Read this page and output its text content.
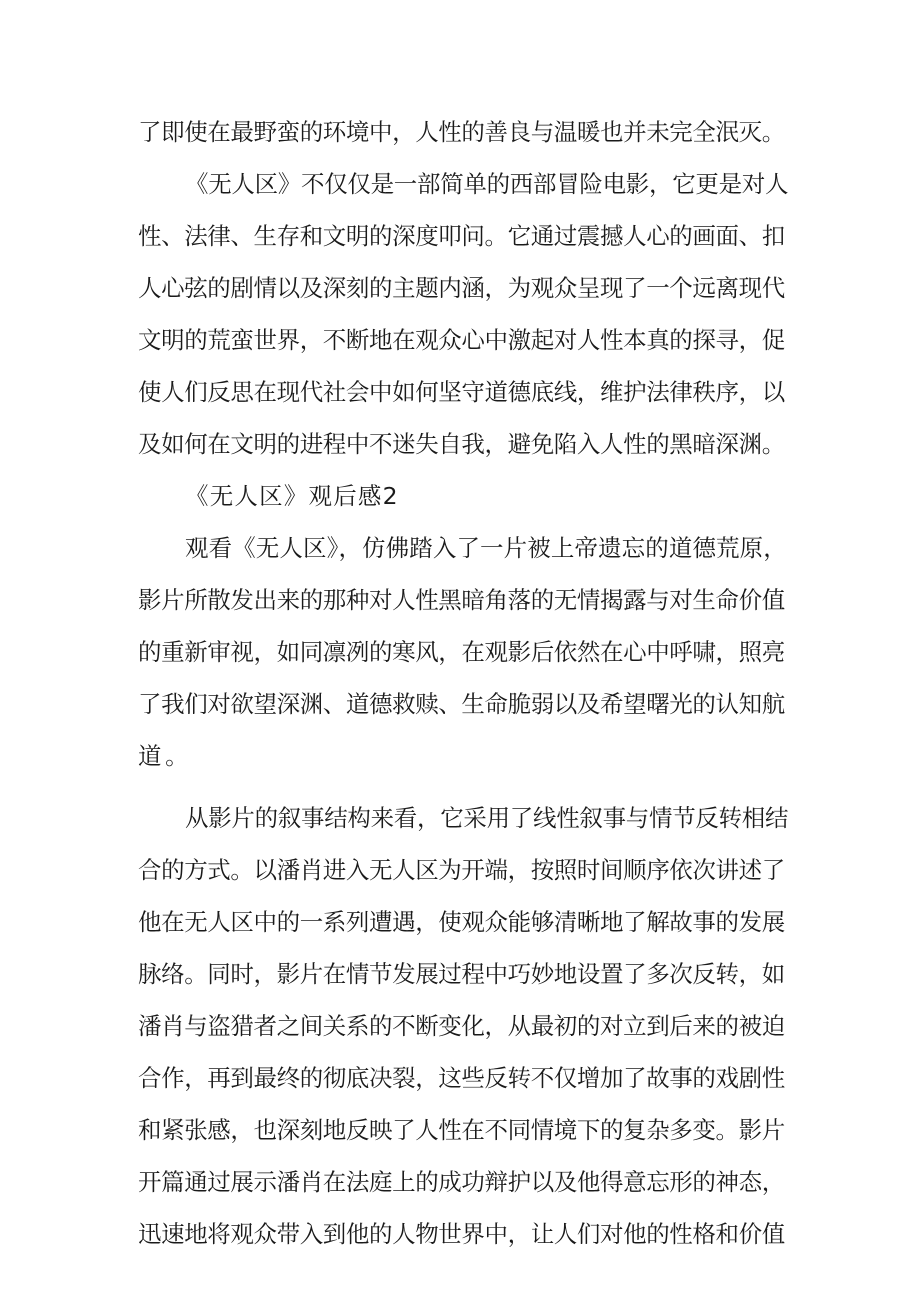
了即使在最野蛮的环境中，人性的善良与温暖也并未完全泯灭。
《无人区》不仅仅是一部简单的西部冒险电影，它更是对人
性、法律、生存和文明的深度叩问。它通过震撼人心的画面、扣
人心弦的剧情以及深刻的主题内涵，为观众呈现了一个远离现代
文明的荒蛮世界，不断地在观众心中激起对人性本真的探寻，促
使人们反思在现代社会中如何坚守道德底线，维护法律秩序，以
及如何在文明的进程中不迷失自我，避免陷入人性的黑暗深渊。
《无人区》观后感2
观看《无人区》，仿佛踏入了一片被上帝遗忘的道德荒原，
影片所散发出来的那种对人性黑暗角落的无情揭露与对生命价值
的重新审视，如同凛冽的寒风，在观影后依然在心中呼啸，照亮
了我们对欲望深渊、道德救赎、生命脆弱以及希望曙光的认知航
道。
从影片的叙事结构来看，它采用了线性叙事与情节反转相结
合的方式。以潘肖进入无人区为开端，按照时间顺序依次讲述了
他在无人区中的一系列遭遇，使观众能够清晰地了解故事的发展
脉络。同时，影片在情节发展过程中巧妙地设置了多次反转，如
潘肖与盗猎者之间关系的不断变化，从最初的对立到后来的被迫
合作，再到最终的彻底决裂，这些反转不仅增加了故事的戏剧性
和紧张感，也深刻地反映了人性在不同情境下的复杂多变。影片
开篇通过展示潘肖在法庭上的成功辩护以及他得意忘形的神态，
迅速地将观众带入到他的人物世界中，让人们对他的性格和价值
